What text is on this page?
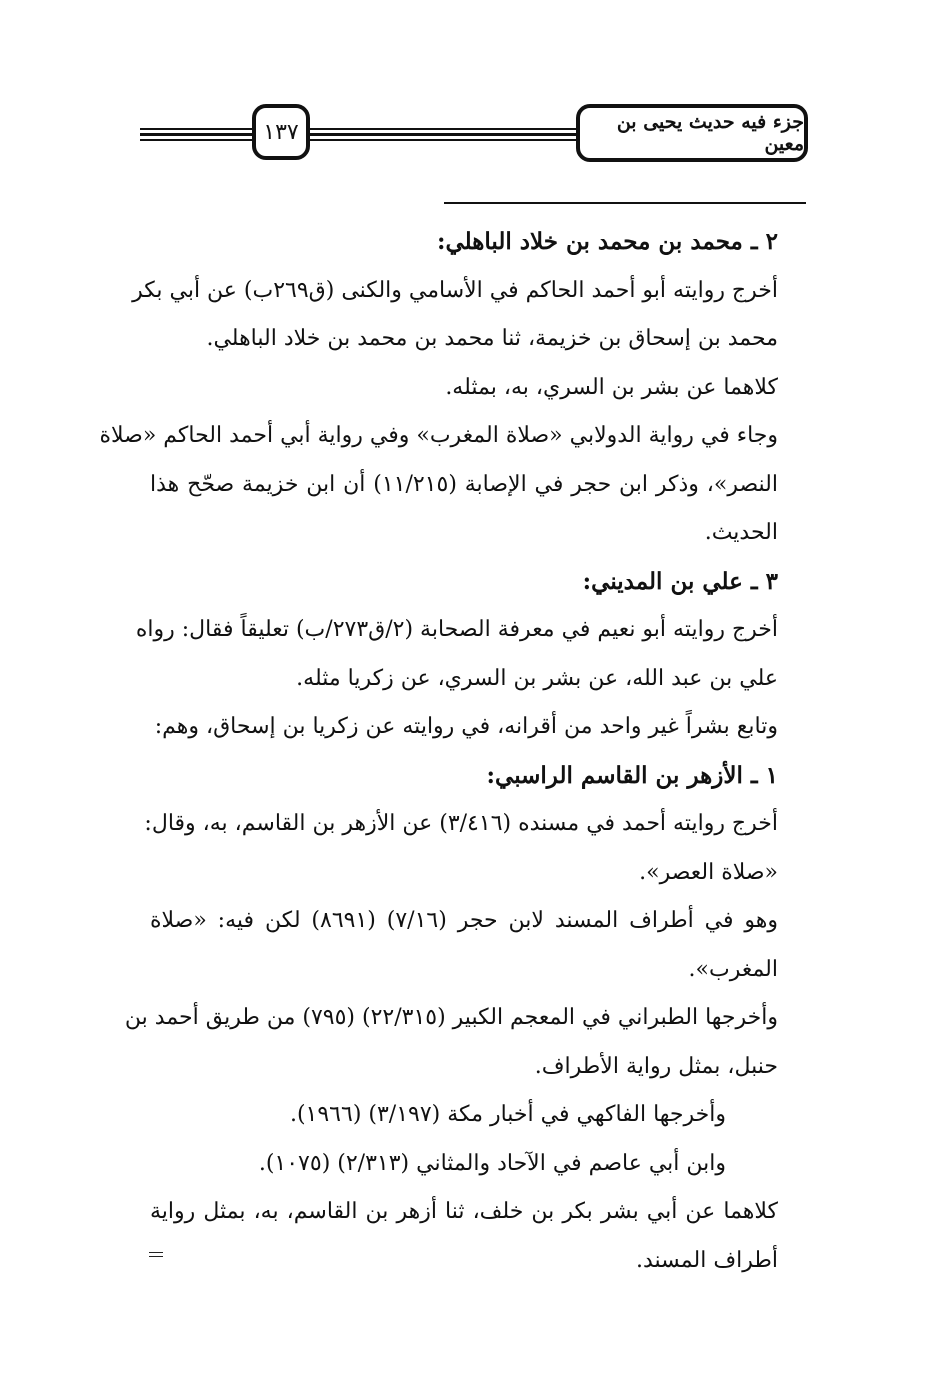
١٣٧	جزء فيه حديث يحيى بن معين
٢ ـ محمد بن محمد بن خلاد الباهلي:
أخرج روايته أبو أحمد الحاكم في الأسامي والكنى (ق٢٦٩ب) عن أبي بكر
محمد بن إسحاق بن خزيمة، ثنا محمد بن محمد بن خلاد الباهلي.
كلاهما عن بشر بن السري، به، بمثله.
وجاء في رواية الدولابي «صلاة المغرب» وفي رواية أبي أحمد الحاكم «صلاة
النصر»، وذكر ابن حجر في الإصابة (١١/٢١٥) أن ابن خزيمة صحّح هذا
الحديث.
٣ ـ علي بن المديني:
أخرج روايته أبو نعيم في معرفة الصحابة (٢/ق٢٧٣/ب) تعليقاً فقال: رواه
علي بن عبد الله، عن بشر بن السري، عن زكريا مثله.
وتابع بشراً غير واحد من أقرانه، في روايته عن زكريا بن إسحاق، وهم:
١ ـ الأزهر بن القاسم الراسبي:
أخرج روايته أحمد في مسنده (٣/٤١٦) عن الأزهر بن القاسم، به، وقال:
«صلاة العصر».
وهو في أطراف المسند لابن حجر (٧/١٦) (٨٦٩١) لكن فيه: «صلاة
المغرب».
وأخرجها الطبراني في المعجم الكبير (٢٢/٣١٥) (٧٩٥) من طريق أحمد بن
حنبل، بمثل رواية الأطراف.
وأخرجها الفاكهي في أخبار مكة (٣/١٩٧) (١٩٦٦).
وابن أبي عاصم في الآحاد والمثاني (٢/٣١٣) (١٠٧٥).
كلاهما عن أبي بشر بكر بن خلف، ثنا أزهر بن القاسم، به، بمثل رواية
أطراف المسند.
